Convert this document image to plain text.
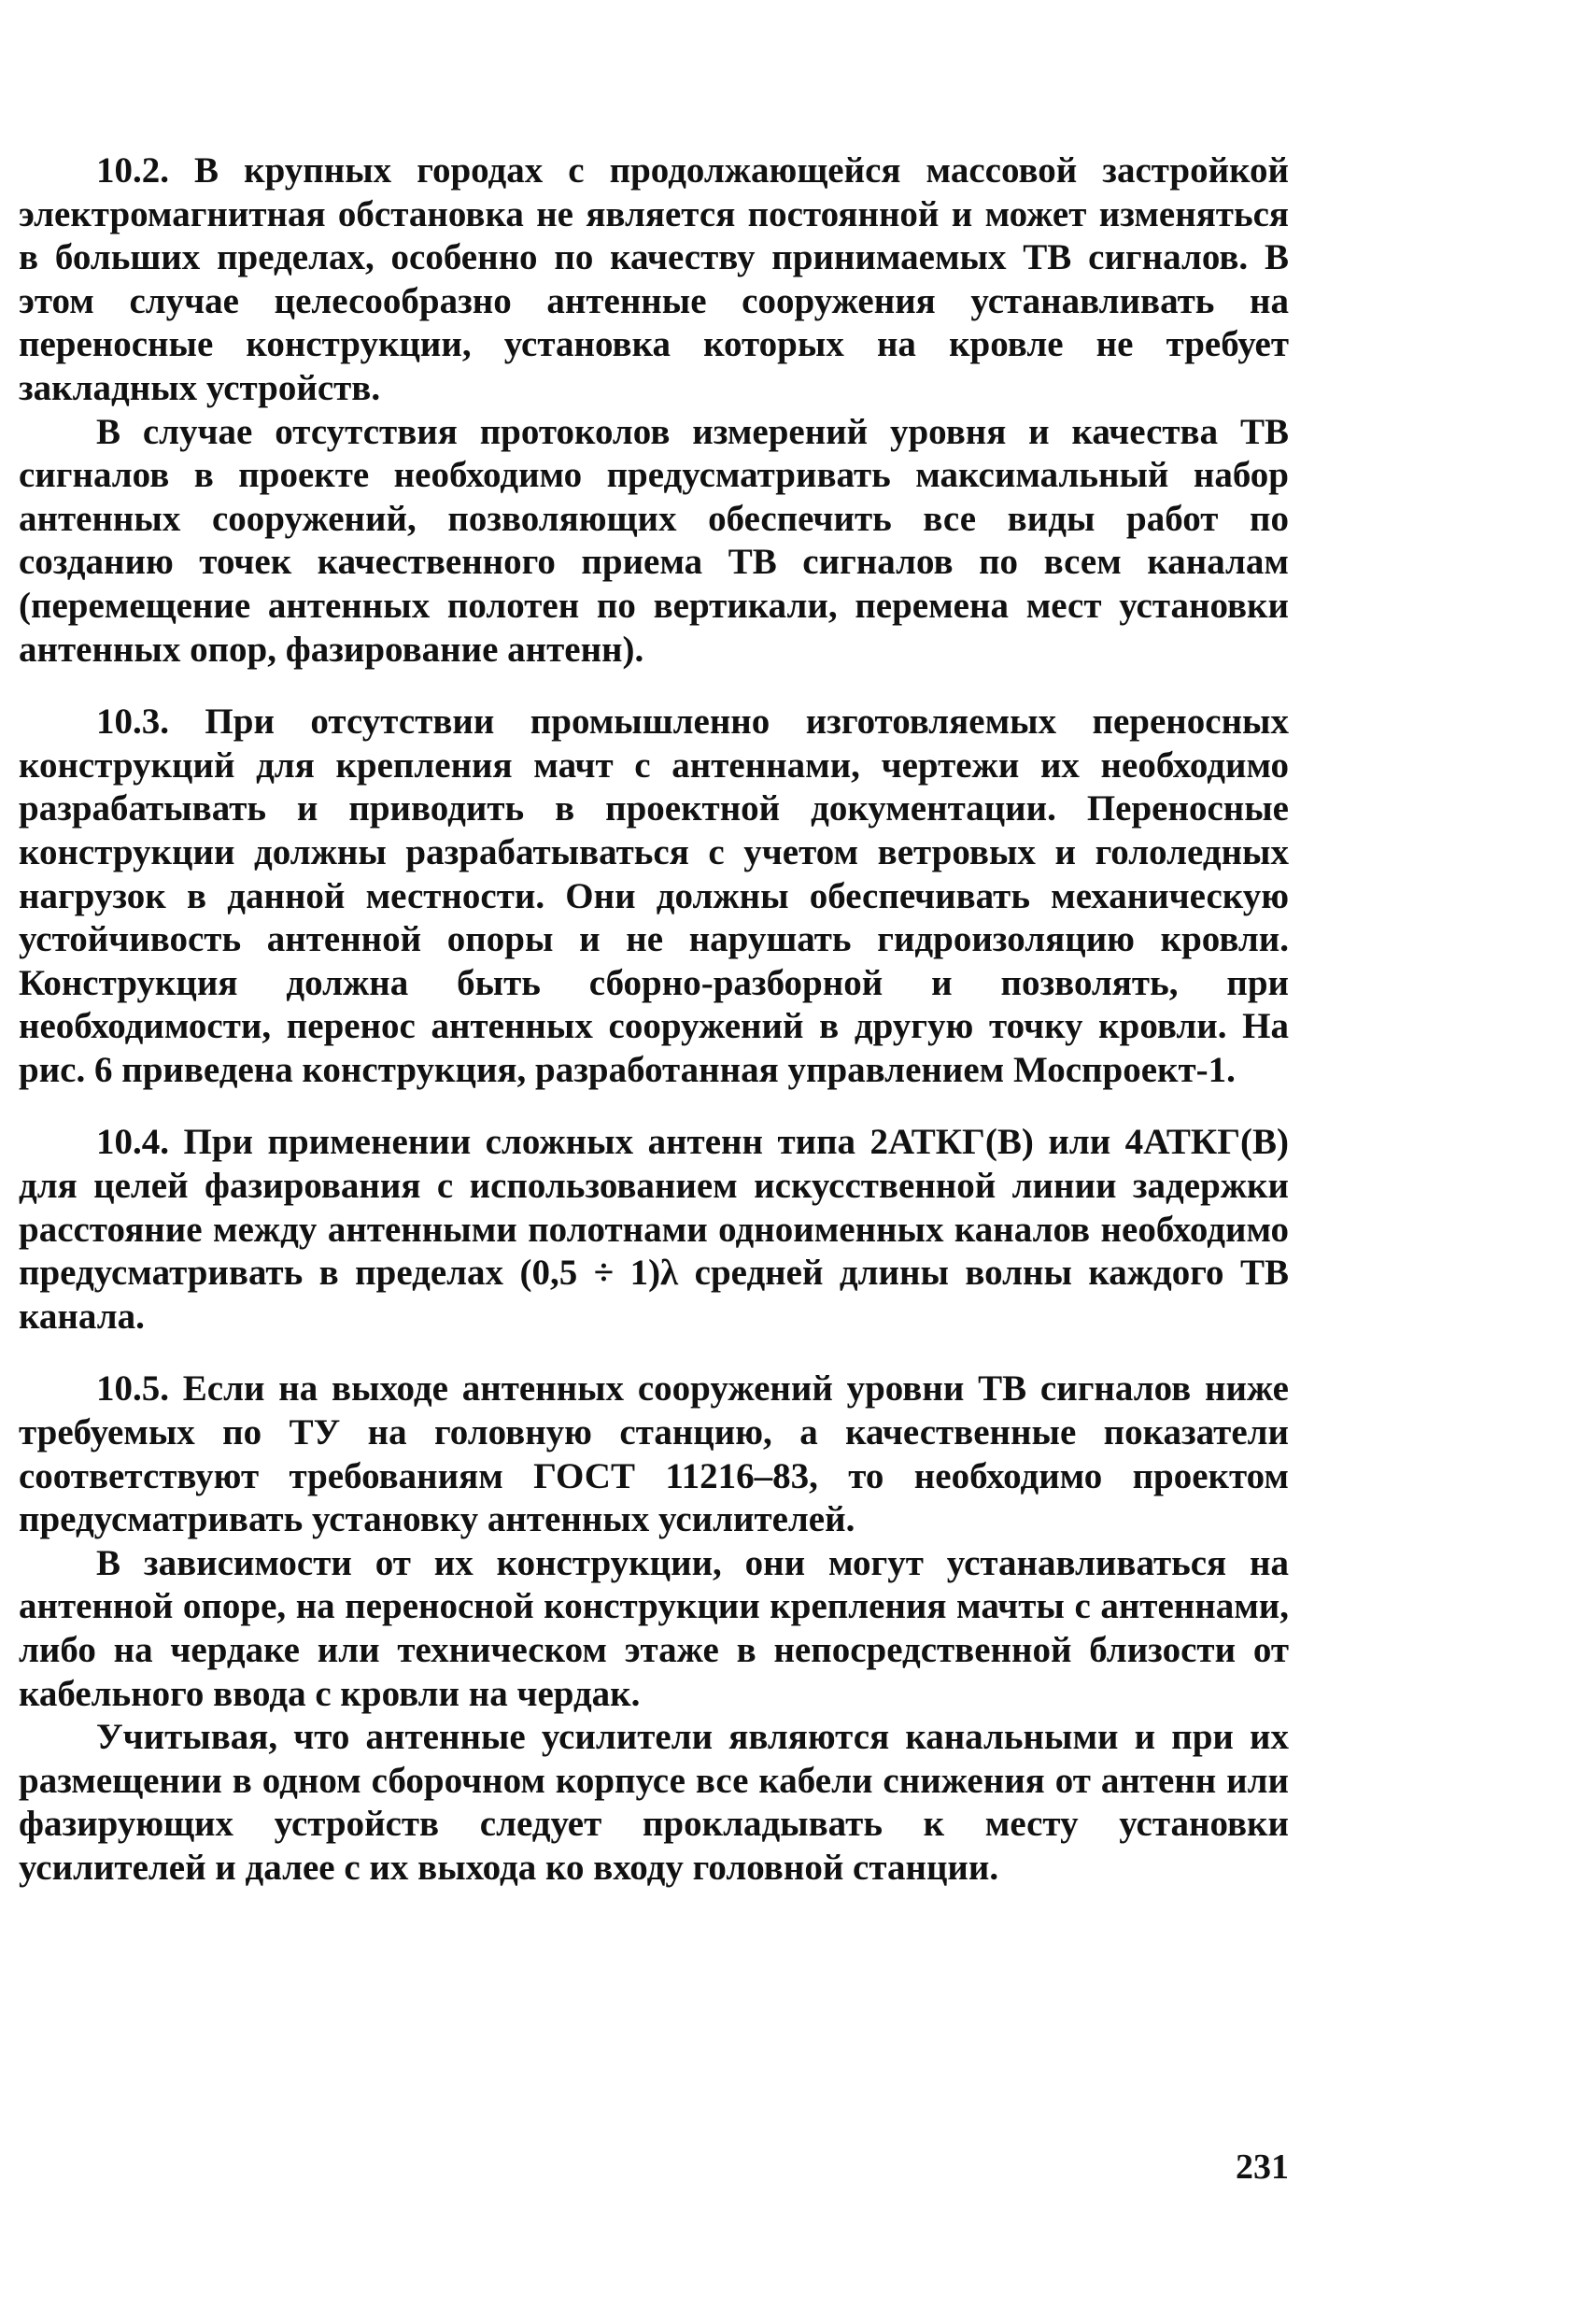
10.2. В крупных городах с продолжающейся массовой застройкой электромагнитная обстановка не является постоянной и может изменяться в больших пределах, особенно по качеству принимаемых ТВ сигналов. В этом случае целесообразно антенные сооружения устанавливать на переносные конструкции, установка которых на кровле не требует закладных устройств.

В случае отсутствия протоколов измерений уровня и качества ТВ сигналов в проекте необходимо предусматривать максимальный набор антенных сооружений, позволяющих обеспечить все виды работ по созданию точек качественного приема ТВ сигналов по всем каналам (перемещение антенных полотен по вертикали, перемена мест установки антенных опор, фазирование антенн).

10.3. При отсутствии промышленно изготовляемых переносных конструкций для крепления мачт с антеннами, чертежи их необходимо разрабатывать и приводить в проектной документации. Переносные конструкции должны разрабатываться с учетом ветровых и гололедных нагрузок в данной местности. Они должны обеспечивать механическую устойчивость антенной опоры и не нарушать гидроизоляцию кровли. Конструкция должна быть сборно-разборной и позволять, при необходимости, перенос антенных сооружений в другую точку кровли. На рис. 6 приведена конструкция, разработанная управлением Моспроект-1.

10.4. При применении сложных антенн типа 2АТКГ(В) или 4АТКГ(В) для целей фазирования с использованием искусственной линии задержки расстояние между антенными полотнами одноименных каналов необходимо предусматривать в пределах (0,5 ÷ 1)λ средней длины волны каждого ТВ канала.

10.5. Если на выходе антенных сооружений уровни ТВ сигналов ниже требуемых по ТУ на головную станцию, а качественные показатели соответствуют требованиям ГОСТ 11216–83, то необходимо проектом предусматривать установку антенных усилителей.

В зависимости от их конструкции, они могут устанавливаться на антенной опоре, на переносной конструкции крепления мачты с антеннами, либо на чердаке или техническом этаже в непосредственной близости от кабельного ввода с кровли на чердак.

Учитывая, что антенные усилители являются канальными и при их размещении в одном сборочном корпусе все кабели снижения от антенн или фазирующих устройств следует прокладывать к месту установки усилителей и далее с их выхода ко входу головной станции.

231
